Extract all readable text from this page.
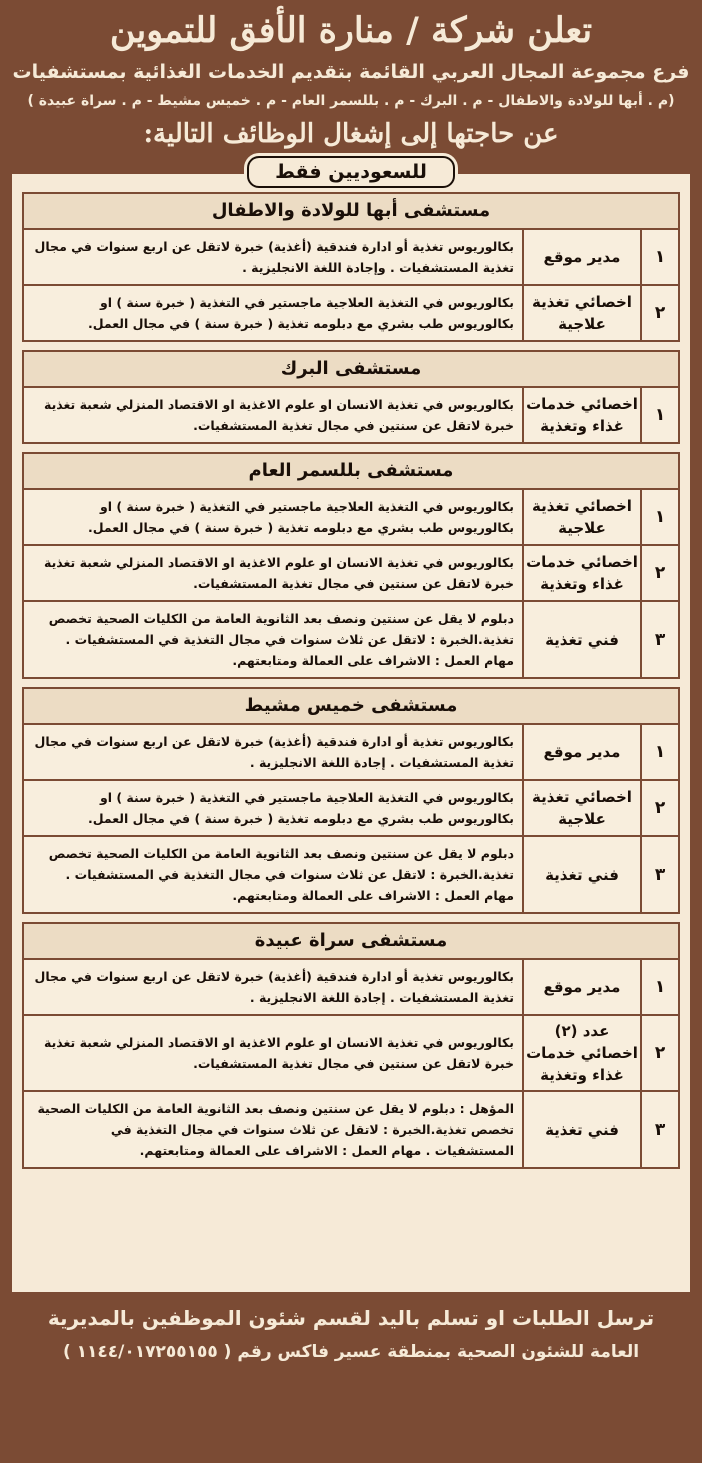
تعلن شركة / منارة الأفق للتموين
فرع مجموعة المجال العربي القائمة بتقديم الخدمات الغذائية بمستشفيات
(م . أبها للولادة والاطفال - م . البرك - م . بللسمر العام - م . خميس مشيط - م . سراة عبيدة )
عن حاجتها إلى إشغال الوظائف التالية:
للسعوديين فقط
مستشفى أبها للولادة والاطفال
١
مدير موقع
بكالوريوس تغذية أو ادارة فندقية (أغذية) خبرة لاتقل عن اربع سنوات في مجال تغذية المستشفيات . وإجادة اللغة الانجليزية .
٢
اخصائي تغذية علاجية
بكالوريوس في التغذية العلاجية ماجستير في التغذية ( خبرة سنة ) او بكالوريوس طب بشري مع دبلومه تغذية ( خبرة سنة ) في مجال العمل.
مستشفى البرك
١
اخصائي خدمات غذاء وتغذية
بكالوريوس في تغذية الانسان او علوم الاغذية او الاقتصاد المنزلي شعبة تغذية خبرة لاتقل عن سنتين في مجال تغذية المستشفيات.
مستشفى بللسمر العام
١
اخصائي تغذية علاجية
بكالوريوس في التغذية العلاجية ماجستير في التغذية ( خبرة سنة ) او بكالوريوس طب بشري مع دبلومه تغذية ( خبرة سنة ) في مجال العمل.
٢
اخصائي خدمات غذاء وتغذية
بكالوريوس في تغذية الانسان او علوم الاغذية او الاقتصاد المنزلي شعبة تغذية خبرة لاتقل عن سنتين في مجال تغذية المستشفيات.
٣
فني تغذية
دبلوم لا يقل عن سنتين ونصف بعد الثانوية العامة من الكليات الصحية تخصص تغذية.الخبرة : لاتقل عن ثلاث سنوات في مجال التغذية في المستشفيات . مهام العمل : الاشراف على العمالة ومتابعتهم.
مستشفى خميس مشيط
١
مدير موقع
بكالوريوس تغذية أو ادارة فندقية (أغذية) خبرة لاتقل عن اربع سنوات في مجال تغذية المستشفيات . إجادة اللغة الانجليزية .
٢
اخصائي تغذية علاجية
بكالوريوس في التغذية العلاجية ماجستير في التغذية ( خبرة سنة ) او بكالوريوس طب بشري مع دبلومه تغذية ( خبرة سنة ) في مجال العمل.
٣
فني تغذية
دبلوم لا يقل عن سنتين ونصف بعد الثانوية العامة من الكليات الصحية تخصص تغذية.الخبرة : لاتقل عن ثلاث سنوات في مجال التغذية في المستشفيات . مهام العمل : الاشراف على العمالة ومتابعتهم.
مستشفى سراة عبيدة
١
مدير موقع
بكالوريوس تغذية أو ادارة فندقية (أغذية) خبرة لاتقل عن اربع سنوات في مجال تغذية المستشفيات . إجادة اللغة الانجليزية .
٢
عدد (٢) اخصائي خدمات غذاء وتغذية
بكالوريوس في تغذية الانسان او علوم الاغذية او الاقتصاد المنزلي شعبة تغذية خبرة لاتقل عن سنتين في مجال تغذية المستشفيات.
٣
فني تغذية
المؤهل : دبلوم لا يقل عن سنتين ونصف بعد الثانوية العامة من الكليات الصحية تخصص تغذية.الخبرة : لاتقل عن ثلاث سنوات في مجال التغذية في المستشفيات . مهام العمل : الاشراف على العمالة ومتابعتهم.
ترسل الطلبات او تسلم باليد لقسم شئون الموظفين بالمديرية
العامة للشئون الصحية بمنطقة عسير فاكس رقم ( ١١٤٤/٠١٧٢٥٥١٥٥ )
